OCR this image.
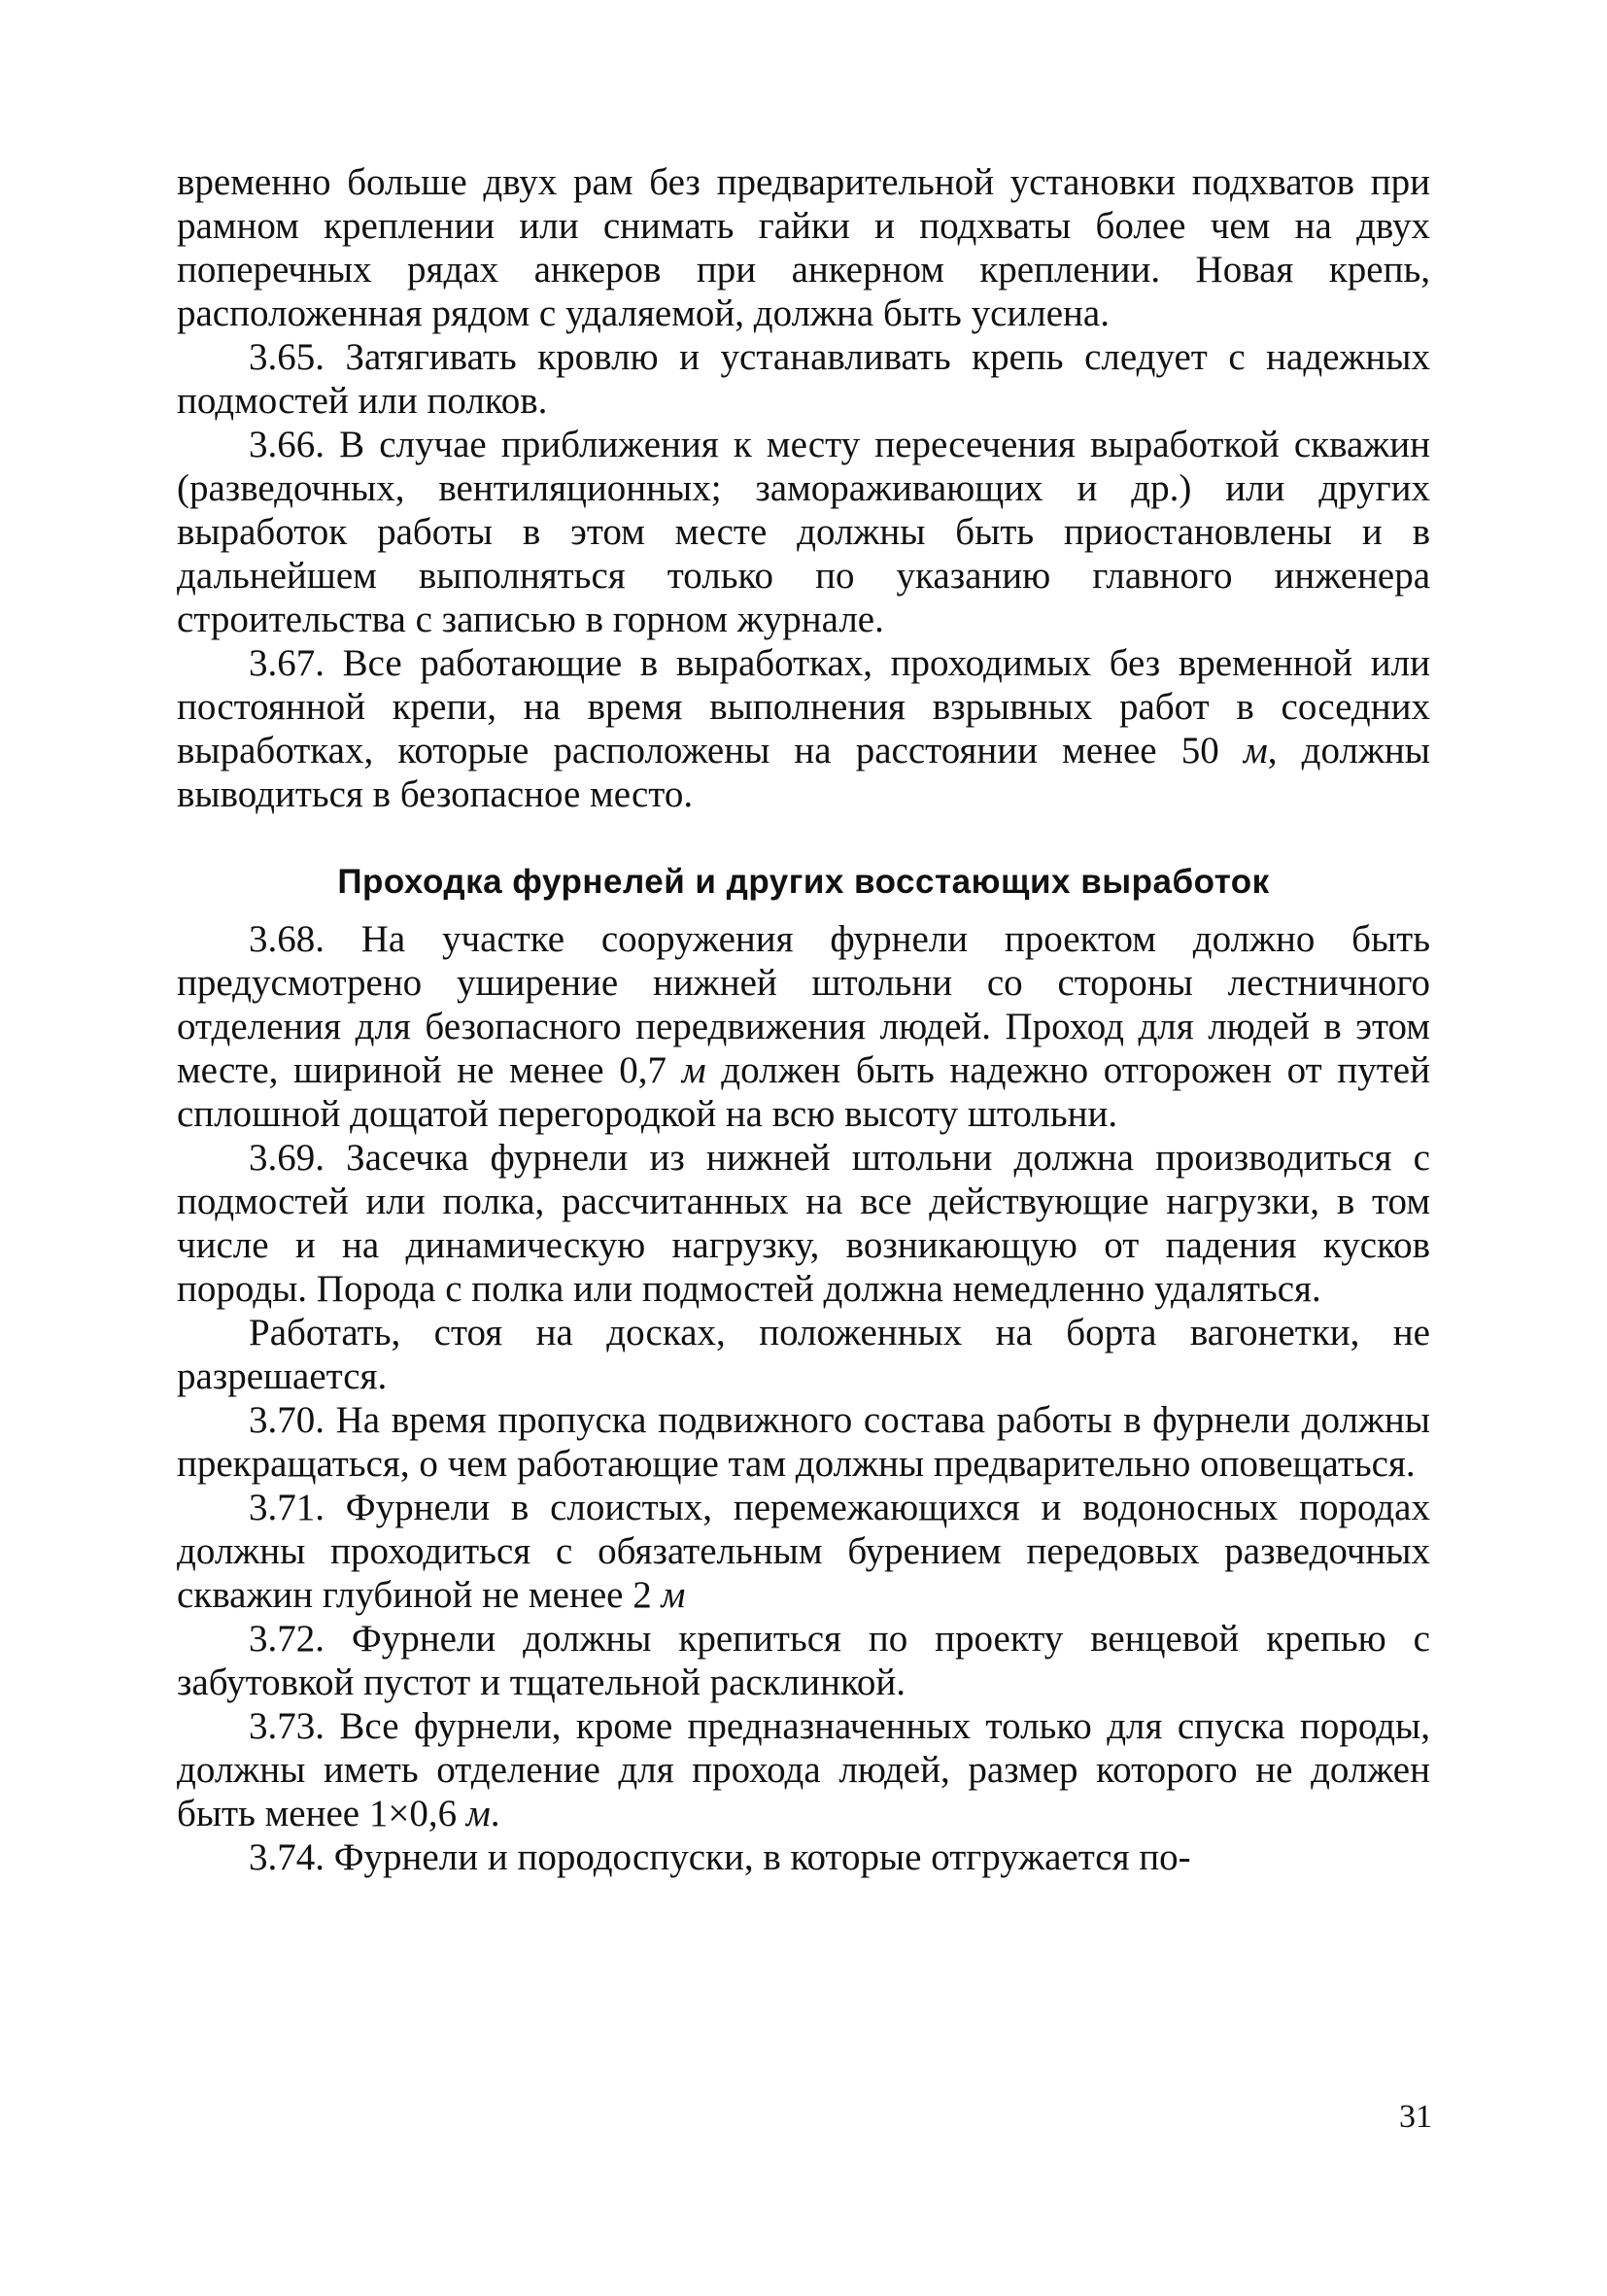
временно больше двух рам без предварительной установки подхватов при рамном креплении или снимать гайки и подхваты более чем на двух поперечных рядах анкеров при анкерном креплении. Новая крепь, расположенная рядом с удаляемой, должна быть усилена.

3.65. Затягивать кровлю и устанавливать крепь следует с надежных подмостей или полков.

3.66. В случае приближения к месту пересечения выработкой скважин (разведочных, вентиляционных; замораживающих и др.) или других выработок работы в этом месте должны быть приостановлены и в дальнейшем выполняться только по указанию главного инженера строительства с записью в горном журнале.

3.67. Все работающие в выработках, проходимых без временной или постоянной крепи, на время выполнения взрывных работ в соседних выработках, которые расположены на расстоянии менее 50 м, должны выводиться в безопасное место.

Проходка фурнелей и других восстающих выработок

3.68. На участке сооружения фурнели проектом должно быть предусмотрено уширение нижней штольни со стороны лестничного отделения для безопасного передвижения людей. Проход для людей в этом месте, шириной не менее 0,7 м должен быть надежно отгорожен от путей сплошной дощатой перегородкой на всю высоту штольни.

3.69. Засечка фурнели из нижней штольни должна производиться с подмостей или полка, рассчитанных на все действующие нагрузки, в том числе и на динамическую нагрузку, возникающую от падения кусков породы. Порода с полка или подмостей должна немедленно удаляться.

Работать, стоя на досках, положенных на борта вагонетки, не разрешается.

3.70. На время пропуска подвижного состава работы в фурнели должны прекращаться, о чем работающие там должны предварительно оповещаться.

3.71. Фурнели в слоистых, перемежающихся и водоносных породах должны проходиться с обязательным бурением передовых разведочных скважин глубиной не менее 2 м

3.72. Фурнели должны крепиться по проекту венцевой крепью с забутовкой пустот и тщательной расклинкой.

3.73. Все фурнели, кроме предназначенных только для спуска породы, должны иметь отделение для прохода людей, размер которого не должен быть менее 1×0,6 м.

3.74. Фурнели и породоспуски, в которые отгружается по-

31
